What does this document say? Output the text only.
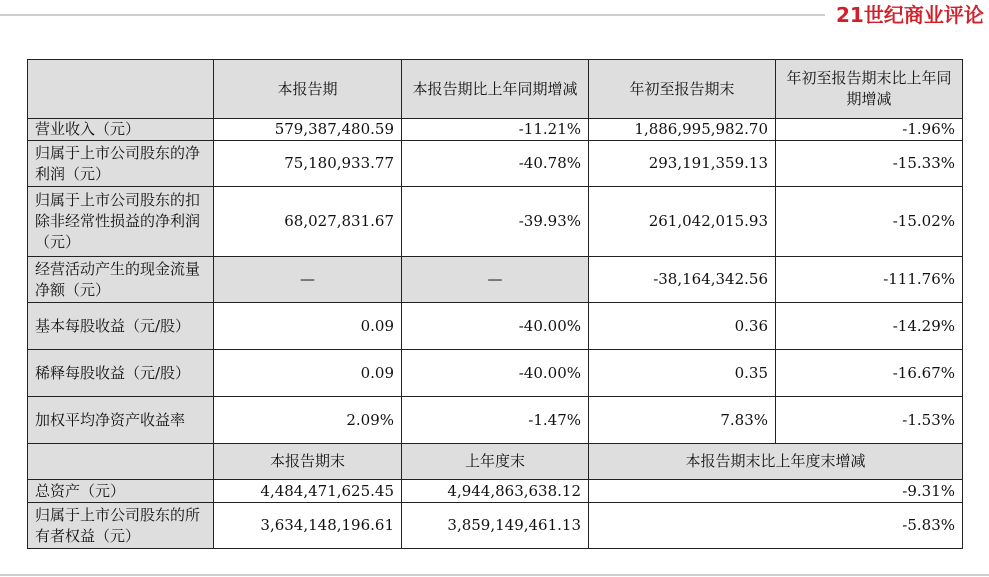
21世纪商业评论
	本报告期	本报告期比上年同期增减	年初至报告期末	年初至报告期末比上年同期增减
营业收入（元）	579,387,480.59	-11.21%	1,886,995,982.70	-1.96%
归属于上市公司股东的净利润（元）	75,180,933.77	-40.78%	293,191,359.13	-15.33%
归属于上市公司股东的扣除非经常性损益的净利润（元）	68,027,831.67	-39.93%	261,042,015.93	-15.02%
经营活动产生的现金流量净额（元）	—	—	-38,164,342.56	-111.76%
基本每股收益（元/股）	0.09	-40.00%	0.36	-14.29%
稀释每股收益（元/股）	0.09	-40.00%	0.35	-16.67%
加权平均净资产收益率	2.09%	-1.47%	7.83%	-1.53%
	本报告期末	上年度末	本报告期末比上年度末增减	
总资产（元）	4,484,471,625.45	4,944,863,638.12	-9.31%	
归属于上市公司股东的所有者权益（元）	3,634,148,196.61	3,859,149,461.13	-5.83%	
